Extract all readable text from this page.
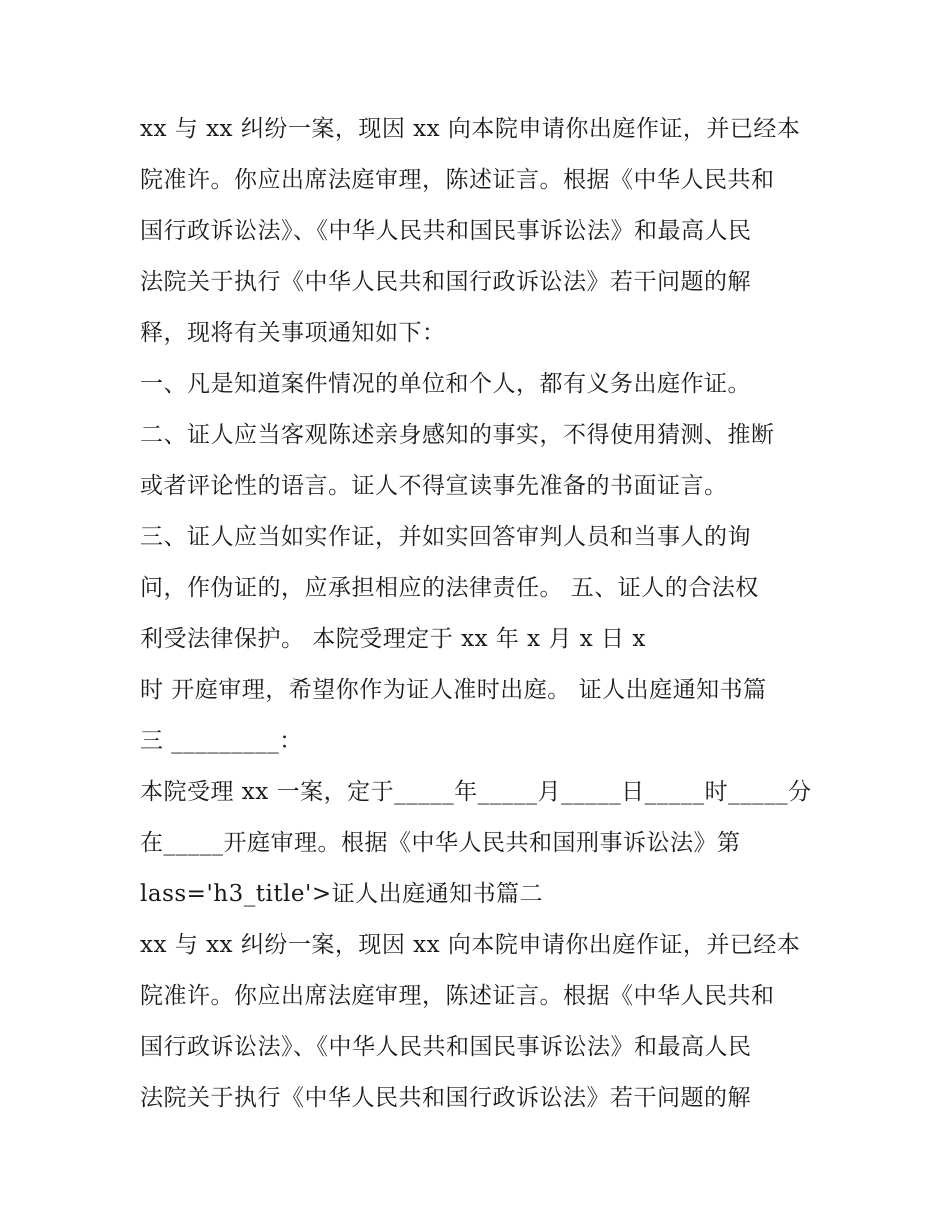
xx 与 xx 纠纷一案，现因 xx 向本院申请你出庭作证，并已经本
院准许。你应出席法庭审理，陈述证言。根据《中华人民共和
国行政诉讼法》、《中华人民共和国民事诉讼法》和最高人民
法院关于执行《中华人民共和国行政诉讼法》若干问题的解
释，现将有关事项通知如下：
一、凡是知道案件情况的单位和个人，都有义务出庭作证。
二、证人应当客观陈述亲身感知的事实，不得使用猜测、推断
或者评论性的语言。证人不得宣读事先准备的书面证言。
三、证人应当如实作证，并如实回答审判人员和当事人的询
问，作伪证的，应承担相应的法律责任。 五、证人的合法权
利受法律保护。 本院受理定于 xx 年 x 月 x 日 x
时 开庭审理，希望你作为证人准时出庭。 证人出庭通知书篇
三 _________：
本院受理 xx 一案，定于_____年_____月_____日_____时_____分
在_____开庭审理。根据《中华人民共和国刑事诉讼法》第
lass='h3_title'>证人出庭通知书篇二
xx 与 xx 纠纷一案，现因 xx 向本院申请你出庭作证，并已经本
院准许。你应出席法庭审理，陈述证言。根据《中华人民共和
国行政诉讼法》、《中华人民共和国民事诉讼法》和最高人民
法院关于执行《中华人民共和国行政诉讼法》若干问题的解
